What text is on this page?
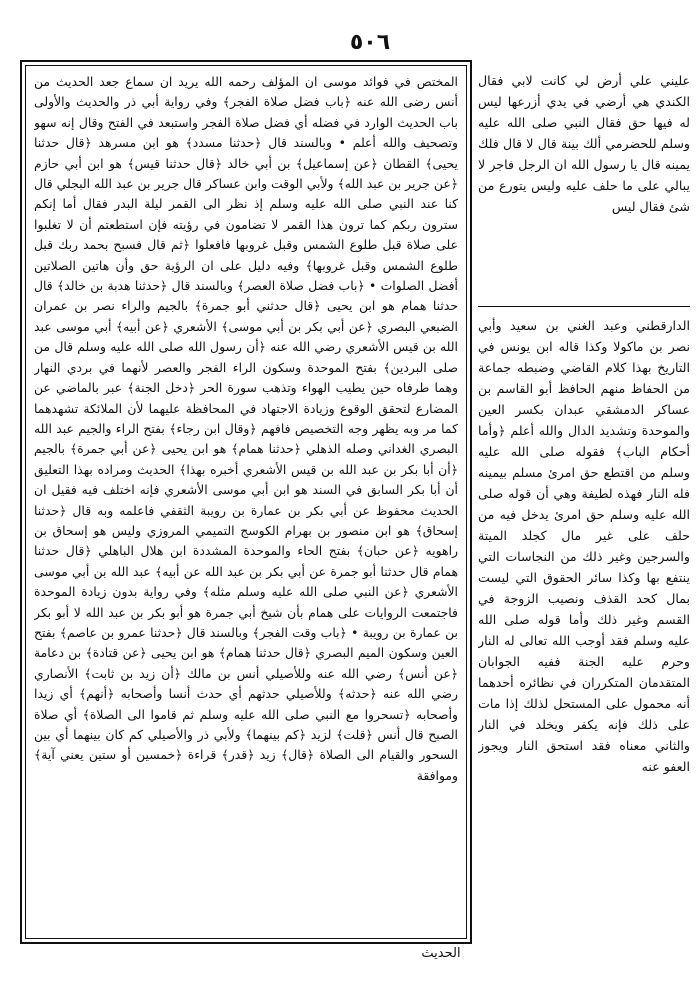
٥٠٦
المختص في فوائد موسى ان المؤلف رحمه الله يريد ان سماع جعد الحديث من أنس رضى الله عنه ﴿باب فضل صلاة الفجر﴾ وفي رواية أبي ذر والحديث والأولى باب الحديث الوارد في فضله أي فضل صلاة الفجر واستبعد في الفتح وقال إنه سهو وتصحيف والله أعلم • وبالسند قال ﴿حدثنا مسدد﴾ هو ابن مسرهد ﴿قال حدثنا يحيى﴾ القطان ﴿عن إسماعيل﴾ بن أبي خالد ﴿قال حدثنا قيس﴾ هو ابن أبي حازم ﴿عن جرير بن عبد الله﴾ ولأبي الوقت وابن عساكر قال جرير بن عبد الله البجلي قال كنا عند النبي صلى الله عليه وسلم إذ نظر الى القمر ليلة البدر فقال أما إنكم سترون ربكم كما ترون هذا القمر لا تضامون في رؤيته فإن استطعتم أن لا تغلبوا على صلاة قبل طلوع الشمس وقبل غروبها فافعلوا ﴿ثم قال فسبح بحمد ربك قبل طلوع الشمس وقبل غروبها﴾ وفيه دليل على ان الرؤية حق وأن هاتين الصلاتين أفضل الصلوات • ﴿باب فضل صلاة العصر﴾ وبالسند قال ﴿حدثنا هدبة بن خالد﴾ قال حدثنا همام هو ابن يحيى ﴿قال حدثني أبو جمرة﴾ بالجيم والراء نصر بن عمران الضبعي البصري ﴿عن أبي بكر بن أبي موسى﴾ الأشعري ﴿عن أبيه﴾ أبي موسى عبد الله بن قيس الأشعري رضي الله عنه ﴿أن رسول الله صلى الله عليه وسلم قال من صلى البردين﴾ بفتح الموحدة وسكون الراء الفجر والعصر لأنهما في بردي النهار وهما طرفاه حين يطيب الهواء وتذهب سورة الحر ﴿دخل الجنة﴾ عبر بالماضي عن المضارع لتحقق الوقوع وزيادة الاجتهاد في المحافظة عليهما لأن الملائكة تشهدهما كما مر وبه يظهر وجه التخصيص فافهم ﴿وقال ابن رجاء﴾ بفتح الراء والجيم عبد الله البصري الغداني وصله الذهلي ﴿حدثنا همام﴾ هو ابن يحيى ﴿عن أبي جمرة﴾ بالجيم ﴿أن أبا بكر بن عبد الله بن قيس الأشعري أخبره بهذا﴾ الحديث ومراده بهذا التعليق أن أبا بكر السابق في السند هو ابن أبي موسى الأشعري فإنه اختلف فيه فقيل ان الحديث محفوظ عن أبي بكر بن عمارة بن رويبة الثقفي فاعلمه وبه قال ﴿حدثنا إسحاق﴾ هو ابن منصور بن بهرام الكوسج التميمي المروزي وليس هو إسحاق بن راهويه ﴿عن حبان﴾ بفتح الحاء والموحدة المشددة ابن هلال الباهلي ﴿قال حدثنا همام قال حدثنا أبو جمرة عن أبي بكر بن عبد الله عن أبيه﴾ عبد الله بن أبي موسى الأشعري ﴿عن النبي صلى الله عليه وسلم مثله﴾ وفي رواية بدون زيادة الموحدة فاجتمعت الروايات على همام بأن شيخ أبي جمرة هو أبو بكر بن عبد الله لا أبو بكر بن عمارة بن رويبة • ﴿باب وقت الفجر﴾ وبالسند قال ﴿حدثنا عمرو بن عاصم﴾ بفتح العين وسكون الميم البصري ﴿قال حدثنا همام﴾ هو ابن يحيى ﴿عن قتادة﴾ بن دعامة ﴿عن أنس﴾ رضي الله عنه وللأصيلي أنس بن مالك ﴿أن زيد بن ثابت﴾ الأنصاري رضي الله عنه ﴿حدثه﴾ وللأصيلي حدثهم أي حدث أنسا وأصحابه ﴿أنهم﴾ أي زيدا وأصحابه ﴿تسحروا مع النبي صلى الله عليه وسلم ثم قاموا الى الصلاة﴾ أي صلاة الصبح قال أنس ﴿قلت﴾ لزيد ﴿كم بينهما﴾ ولأبي ذر والأصيلي كم كان بينهما أي بين السحور والقيام الى الصلاة ﴿قال﴾ زيد ﴿قدر﴾ قراءة ﴿خمسين أو ستين يعني آية﴾ وموافقة
عليني علي أرض لي كانت لابي فقال الكندي هي أرضي في يدي أزرعها ليس له فيها حق فقال النبي صلى الله عليه وسلم للحضرمي ألك بينة قال لا قال فلك يمينه قال يا رسول الله ان الرجل فاجر لا يبالي على ما حلف عليه وليس يتورع من شئ فقال ليس
الدارقطني وعبد الغني بن سعيد وأبي نصر بن ماكولا وكذا قاله ابن يونس في التاريخ بهذا كلام القاضي وضبطه جماعة من الحفاظ منهم الحافظ أبو القاسم بن عساكر الدمشقي عبدان بكسر العين والموحدة وتشديد الدال والله أعلم ﴿وأما أحكام الباب﴾ فقوله صلى الله عليه وسلم من اقتطع حق امرئ مسلم بيمينه فله النار فهذه لطيفة وهي أن قوله صلى الله عليه وسلم حق امرئ يدخل فيه من حلف على غير مال كجلد الميتة والسرجين وغير ذلك من النجاسات التي ينتفع بها وكذا سائر الحقوق التي ليست بمال كحد القذف ونصيب الزوجة في القسم وغير ذلك وأما قوله صلى الله عليه وسلم فقد أوجب الله تعالى له النار وحرم عليه الجنة ففيه الجوابان المتقدمان المتكرران في نظائره أحدهما أنه محمول على المستحل لذلك إذا مات على ذلك فإنه يكفر ويخلد في النار والثاني معناه فقد استحق النار ويجوز العفو عنه
الحديث
